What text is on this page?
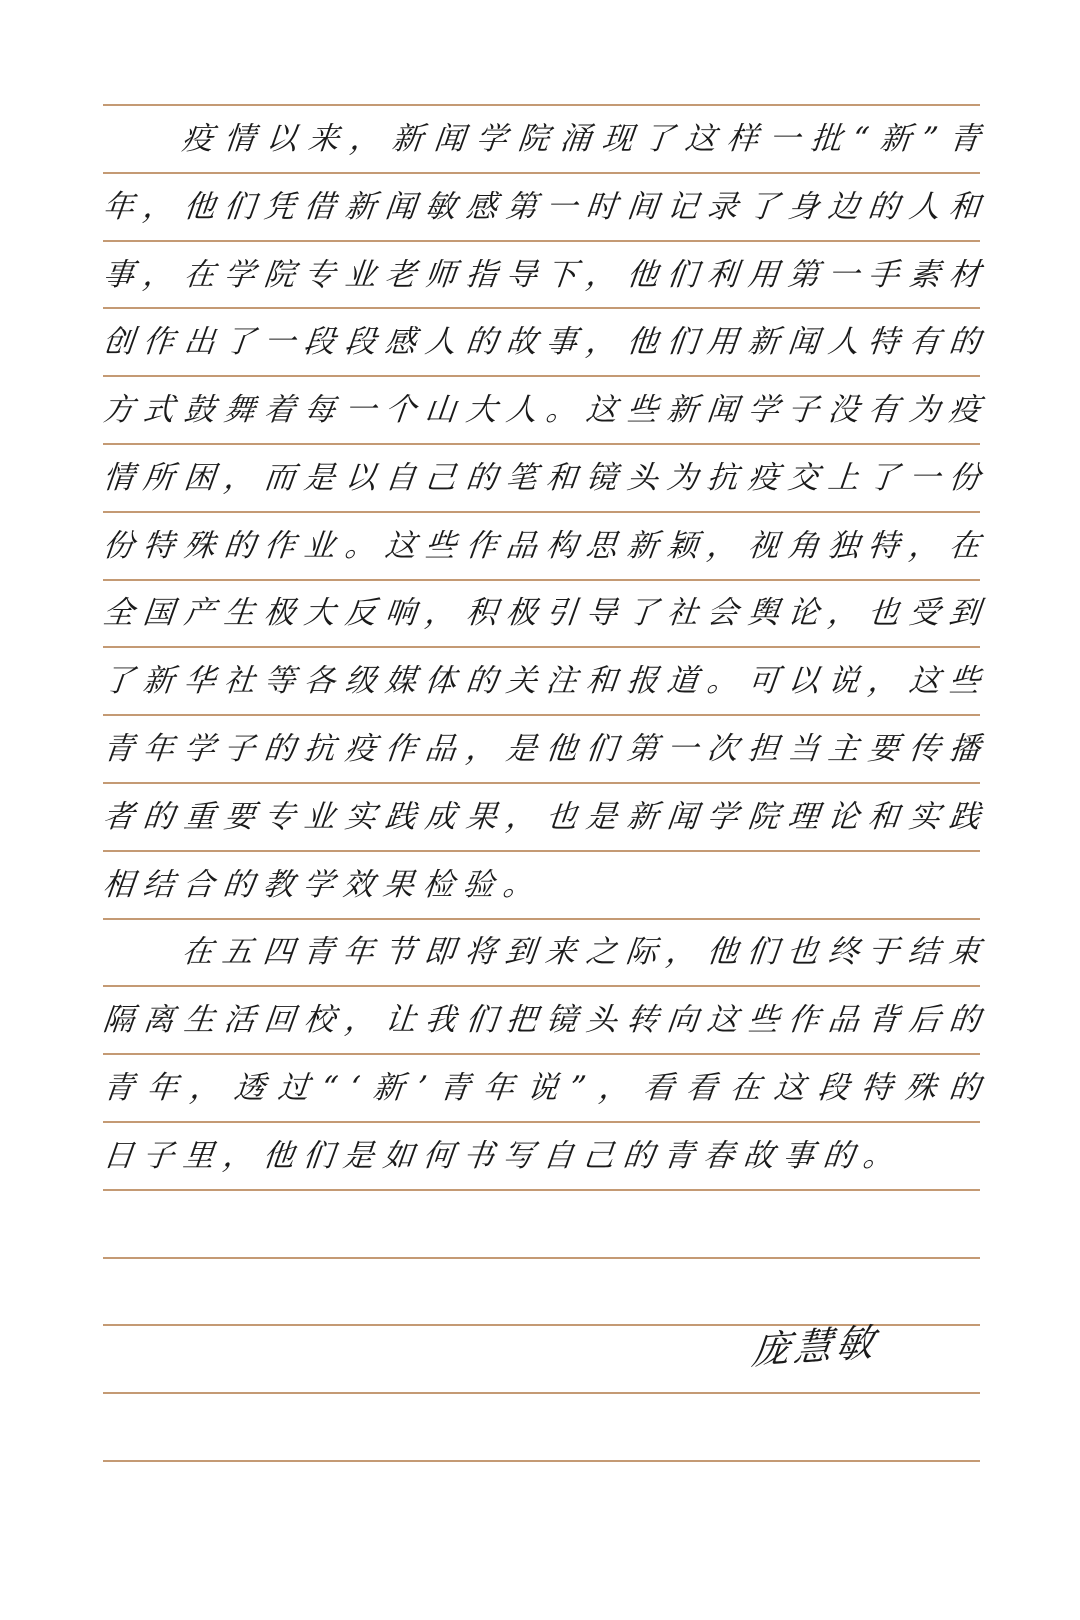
疫 情 以 来 ， 新 闻 学 院 涌 现 了 这 样 一 批 “ 新 ” 青
年 ， 他 们 凭 借 新 闻 敏 感 第 一 时 间 记 录 了 身 边 的 人 和
事 ， 在 学 院 专 业 老 师 指 导 下 ， 他 们 利 用 第 一 手 素 材
创 作 出 了 一 段 段 感 人 的 故 事 ， 他 们 用 新 闻 人 特 有 的
方 式 鼓 舞 着 每 一 个 山 大 人 。 这 些 新 闻 学 子 没 有 为 疫
情 所 困 ， 而 是 以 自 己 的 笔 和 镜 头 为 抗 疫 交 上 了 一 份
份 特 殊 的 作 业 。 这 些 作 品 构 思 新 颖 ， 视 角 独 特 ， 在
全 国 产 生 极 大 反 响 ， 积 极 引 导 了 社 会 舆 论 ， 也 受 到
了 新 华 社 等 各 级 媒 体 的 关 注 和 报 道 。 可 以 说 ， 这 些
青 年 学 子 的 抗 疫 作 品 ， 是 他 们 第 一 次 担 当 主 要 传 播
者 的 重 要 专 业 实 践 成 果 ， 也 是 新 闻 学 院 理 论 和 实 践
相 结 合 的 教 学 效 果 检 验 。
在 五 四 青 年 节 即 将 到 来 之 际 ， 他 们 也 终 于 结 束
隔 离 生 活 回 校 ， 让 我 们 把 镜 头 转 向 这 些 作 品 背 后 的
青 年 ， 透 过 “ ‘ 新 ’ 青 年 说 ” ， 看 看 在 这 段 特 殊 的
日 子 里 ， 他 们 是 如 何 书 写 自 己 的 青 春 故 事 的 。
庞慧敏
